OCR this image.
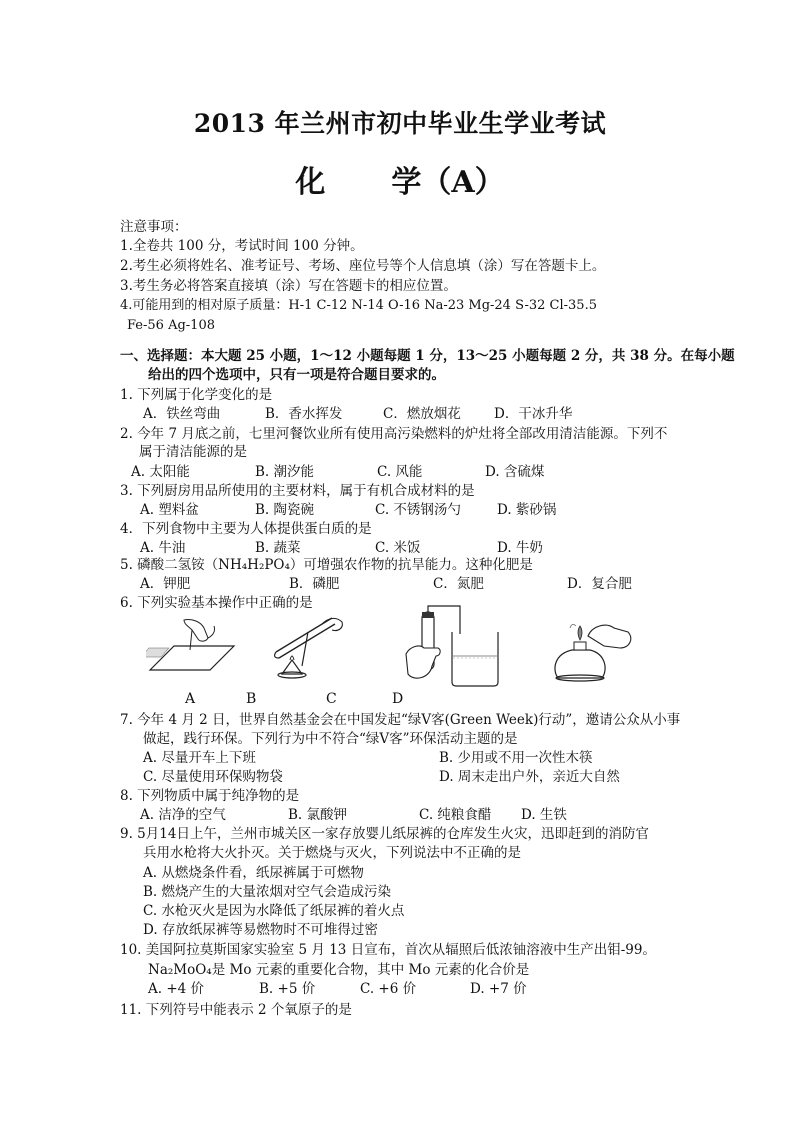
2013 年兰州市初中毕业生学业考试
化 学（A）
注意事项：
1.全卷共 100 分，考试时间 100 分钟。
2.考生必须将姓名、准考证号、考场、座位号等个人信息填（涂）写在答题卡上。
3.考生务必将答案直接填（涂）写在答题卡的相应位置。
4.可能用到的相对原子质量：H-1 C-12 N-14 O-16 Na-23 Mg-24 S-32 Cl-35.5
Fe-56 Ag-108
一、选择题：本大题 25 小题，1～12 小题每题 1 分，13～25 小题每题 2 分，共 38 分。在每小题
给出的四个选项中，只有一项是符合题目要求的。
1. 下列属于化学变化的是
A．铁丝弯曲	B．香水挥发	C．燃放烟花 D．干冰升华
2. 今年 7 月底之前，七里河餐饮业所有使用高污染燃料的炉灶将全部改用清洁能源。下列不
属于清洁能源的是
A. 太阳能	B. 潮汐能	C. 风能	D. 含硫煤
3. 下列厨房用品所使用的主要材料，属于有机合成材料的是
A. 塑料盆	B. 陶瓷碗	C. 不锈钢汤勺	D. 紫砂锅
4．下列食物中主要为人体提供蛋白质的是
A. 牛油	B. 蔬菜	C. 米饭	D. 牛奶
5. 磷酸二氢铵（NH₄H₂PO₄）可增强农作物的抗旱能力。这种化肥是
A．钾肥	B．磷肥	C．氮肥	D．复合肥
6. 下列实验基本操作中正确的是
A	B	C	D
7. 今年 4 月 2 日，世界自然基金会在中国发起“绿Ⅴ客(Green Week)行动”，邀请公众从小事
做起，践行环保。下列行为中不符合“绿Ⅴ客”环保活动主题的是
A. 尽量开车上下班	B. 少用或不用一次性木筷
C. 尽量使用环保购物袋	D. 周末走出户外，亲近大自然
8. 下列物质中属于纯净物的是
A. 洁净的空气	B. 氯酸钾	C. 纯粮食醋 D. 生铁
9. 5月14日上午，兰州市城关区一家存放婴儿纸尿裤的仓库发生火灾，迅即赶到的消防官
兵用水枪将大火扑灭。关于燃烧与灭火，下列说法中不正确的是
A. 从燃烧条件看，纸尿裤属于可燃物
B. 燃烧产生的大量浓烟对空气会造成污染
C. 水枪灭火是因为水降低了纸尿裤的着火点
D. 存放纸尿裤等易燃物时不可堆得过密
10. 美国阿拉莫斯国家实验室 5 月 13 日宣布，首次从辐照后低浓铀溶液中生产出钼-99。
Na₂MoO₄是 Mo 元素的重要化合物，其中 Mo 元素的化合价是
A. +4 价	B. +5 价	C. +6 价	D. +7 价
11. 下列符号中能表示 2 个氧原子的是
